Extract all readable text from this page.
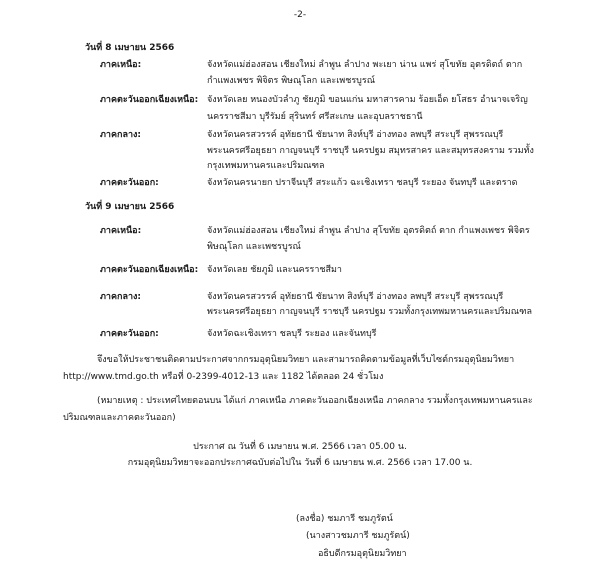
-2-
วันที่ 8 เมษายน 2566
ภาคเหนือ:	จังหวัดแม่ฮ่องสอน เชียงใหม่ ลำพูน ลำปาง พะเยา น่าน แพร่ สุโขทัย อุตรดิตถ์ ตาก
กำแพงเพชร พิจิตร พิษณุโลก และเพชรบูรณ์
ภาคตะวันออกเฉียงเหนือ: จังหวัดเลย หนองบัวลำภู ชัยภูมิ ขอนแก่น มหาสารคาม ร้อยเอ็ด ยโสธร อำนาจเจริญ
นครราชสีมา บุรีรัมย์ สุรินทร์ ศรีสะเกษ และอุบลราชธานี
ภาคกลาง:	จังหวัดนครสวรรค์ อุทัยธานี ชัยนาท สิงห์บุรี อ่างทอง ลพบุรี สระบุรี สุพรรณบุรี
พระนครศรีอยุธยา กาญจนบุรี ราชบุรี นครปฐม สมุทรสาคร และสมุทรสงคราม รวมทั้ง
กรุงเทพมหานครและปริมณฑล
ภาคตะวันออก:	จังหวัดนครนายก ปราจีนบุรี สระแก้ว ฉะเชิงเทรา ชลบุรี ระยอง จันทบุรี และตราด
วันที่ 9 เมษายน 2566
ภาคเหนือ:	จังหวัดแม่ฮ่องสอน เชียงใหม่ ลำพูน ลำปาง สุโขทัย อุตรดิตถ์ ตาก กำแพงเพชร พิจิตร
พิษณุโลก และเพชรบูรณ์
ภาคตะวันออกเฉียงเหนือ: จังหวัดเลย ชัยภูมิ และนครราชสีมา
ภาคกลาง:	จังหวัดนครสวรรค์ อุทัยธานี ชัยนาท สิงห์บุรี อ่างทอง ลพบุรี สระบุรี สุพรรณบุรี
พระนครศรีอยุธยา กาญจนบุรี ราชบุรี นครปฐม รวมทั้งกรุงเทพมหานครและปริมณฑล
ภาคตะวันออก:	จังหวัดฉะเชิงเทรา ชลบุรี ระยอง และจันทบุรี
จึงขอให้ประชาชนติดตามประกาศจากกรมอุตุนิยมวิทยา และสามารถติดตามข้อมูลที่เว็บไซต์กรมอุตุนิยมวิทยา
http://www.tmd.go.th หรือที่ 0-2399-4012-13 และ 1182 ได้ตลอด 24 ชั่วโมง
(หมายเหตุ : ประเทศไทยตอนบน ได้แก่ ภาคเหนือ ภาคตะวันออกเฉียงเหนือ ภาคกลาง รวมทั้งกรุงเทพมหานครและ
ปริมณฑลและภาคตะวันออก)
ประกาศ ณ วันที่ 6 เมษายน พ.ศ. 2566 เวลา 05.00 น.
กรมอุตุนิยมวิทยาจะออกประกาศฉบับต่อไปใน วันที่ 6 เมษายน พ.ศ. 2566 เวลา 17.00 น.
(ลงชื่อ) ชมภารี ชมภูรัตน์
(นางสาวชมภารี ชมภูรัตน์)
อธิบดีกรมอุตุนิยมวิทยา
